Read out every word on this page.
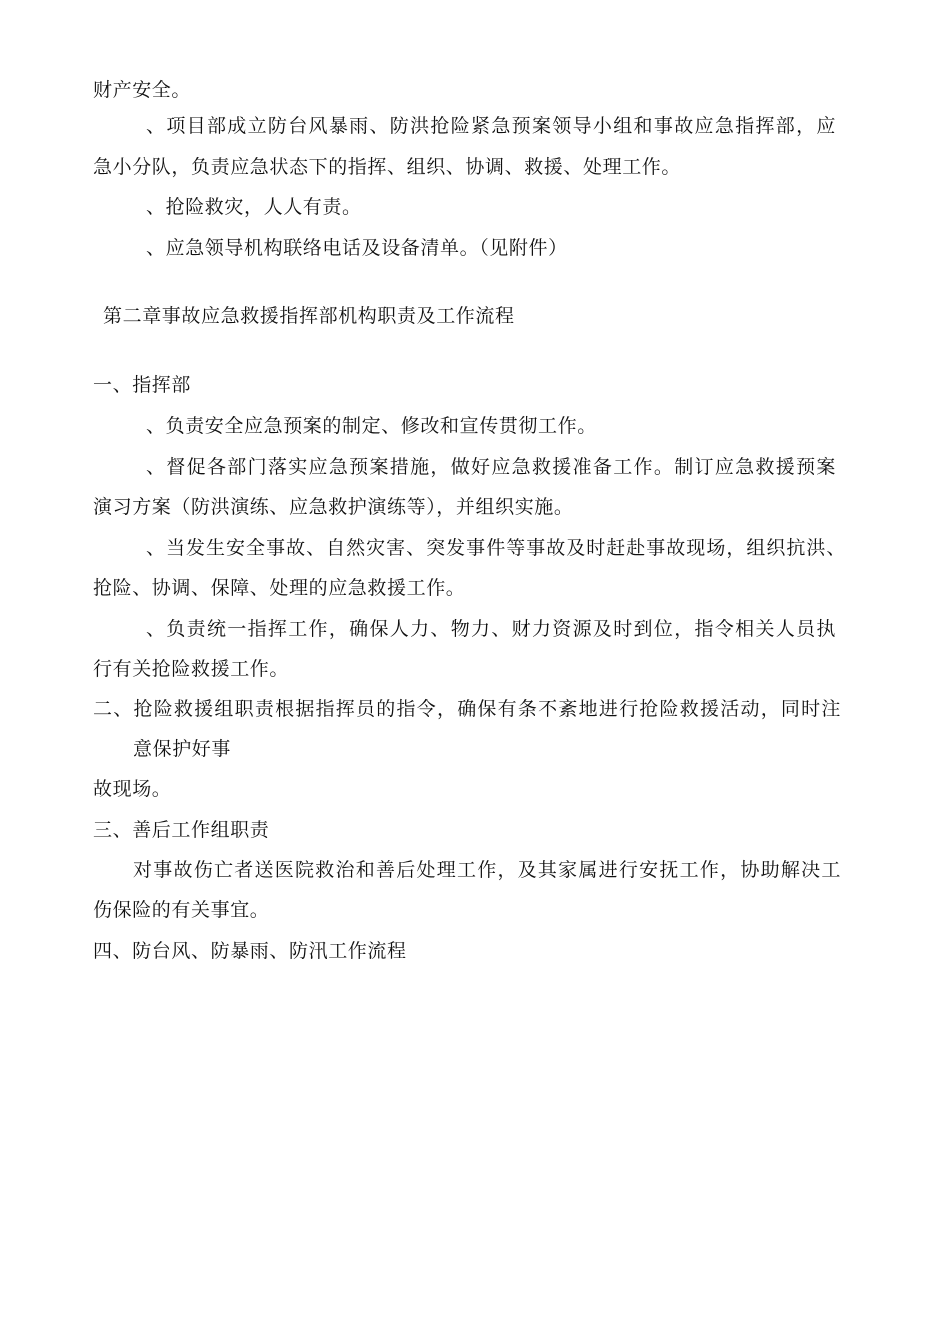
财产安全。
、项目部成立防台风暴雨、防洪抢险紧急预案领导小组和事故应急指挥部，应
急小分队，负责应急状态下的指挥、组织、协调、救援、处理工作。
、抢险救灾，人人有责。
、应急领导机构联络电话及设备清单。（见附件）
第二章事故应急救援指挥部机构职责及工作流程
一、指挥部
、负责安全应急预案的制定、修改和宣传贯彻工作。
、督促各部门落实应急预案措施，做好应急救援准备工作。制订应急救援预案
演习方案（防洪演练、应急救护演练等），并组织实施。
、当发生安全事故、自然灾害、突发事件等事故及时赶赴事故现场，组织抗洪、
抢险、协调、保障、处理的应急救援工作。
、负责统一指挥工作，确保人力、物力、财力资源及时到位，指令相关人员执
行有关抢险救援工作。
二、抢险救援组职责根据指挥员的指令，确保有条不紊地进行抢险救援活动，同时注
意保护好事
故现场。
三、善后工作组职责
对事故伤亡者送医院救治和善后处理工作，及其家属进行安抚工作，协助解决工
伤保险的有关事宜。
四、防台风、防暴雨、防汛工作流程
